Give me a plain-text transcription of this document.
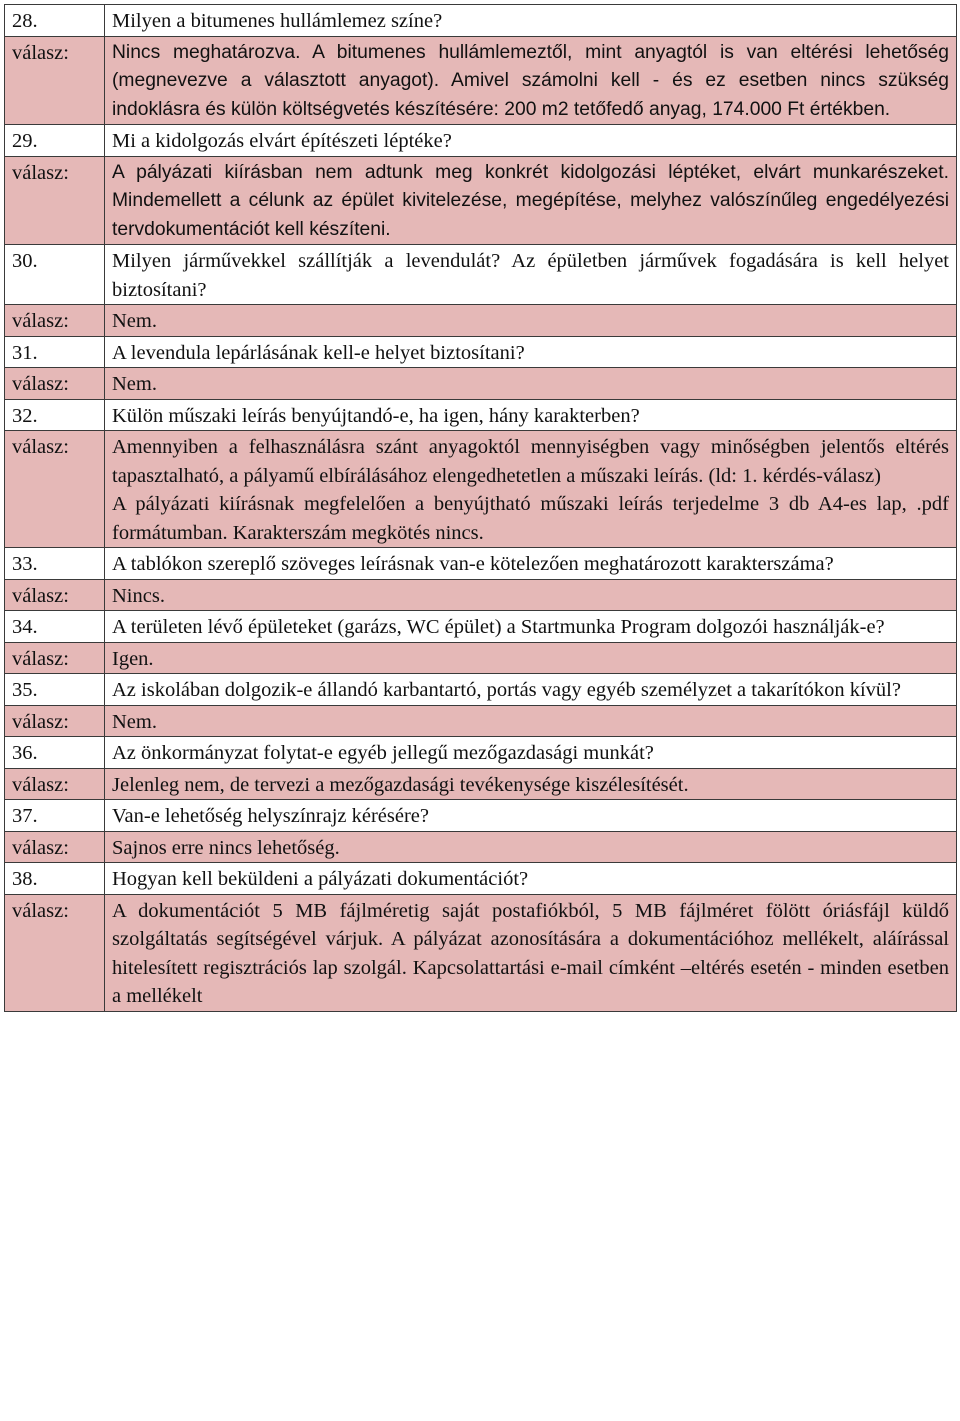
28.	Milyen a bitumenes hullámlemez színe?
válasz:	Nincs meghatározva. A bitumenes hullámlemeztől, mint anyagtól is van eltérési lehetőség (megnevezve a választott anyagot). Amivel számolni kell - és ez esetben nincs szükség indoklásra és külön költségvetés készítésére: 200 m2 tetőfedő anyag, 174.000 Ft értékben.

29.	Mi a kidolgozás elvárt építészeti léptéke?
válasz:	A pályázati kiírásban nem adtunk meg konkrét kidolgozási léptéket, elvárt munkarészeket. Mindemellett a célunk az épület kivitelezése, megépítése, melyhez valószínűleg engedélyezési tervdokumentációt kell készíteni.

30.	Milyen járművekkel szállítják a levendulát? Az épületben járművek fogadására is kell helyet biztosítani?
válasz:	Nem.

31.	A levendula lepárlásának kell-e helyet biztosítani?
válasz:	Nem.

32.	Külön műszaki leírás benyújtandó-e, ha igen, hány karakterben?
válasz:	Amennyiben a felhasználásra szánt anyagoktól mennyiségben vagy minőségben jelentős eltérés tapasztalható, a pályamű elbírálásához elengedhetetlen a műszaki leírás. (ld: 1. kérdés-válasz)

A pályázati kiírásnak megfelelően a benyújtható műszaki leírás terjedelme 3 db A4-es lap, .pdf formátumban. Karakterszám megkötés nincs.

33.	A tablókon szereplő szöveges leírásnak van-e kötelezően meghatározott karakterszáma?
válasz:	Nincs.

34.	A területen lévő épületeket (garázs, WC épület) a Startmunka Program dolgozói használják-e?
válasz:	Igen.

35.	Az iskolában dolgozik-e állandó karbantartó, portás vagy egyéb személyzet a takarítókon kívül?
válasz:	Nem.

36.	Az önkormányzat folytat-e egyéb jellegű mezőgazdasági munkát?
válasz:	Jelenleg nem, de tervezi a mezőgazdasági tevékenysége kiszélesítését.

37.	Van-e lehetőség helyszínrajz kérésére?
válasz:	Sajnos erre nincs lehetőség.

38.	Hogyan kell beküldeni a pályázati dokumentációt?
válasz:	A dokumentációt 5 MB fájlméretig saját postafiókból, 5 MB fájlméret fölött óriásfájl küldő szolgáltatás segítségével várjuk. A pályázat azonosítására a dokumentációhoz mellékelt, aláírással hitelesített regisztrációs lap szolgál. Kapcsolattartási e-mail címként –eltérés esetén - minden esetben a mellékelt
